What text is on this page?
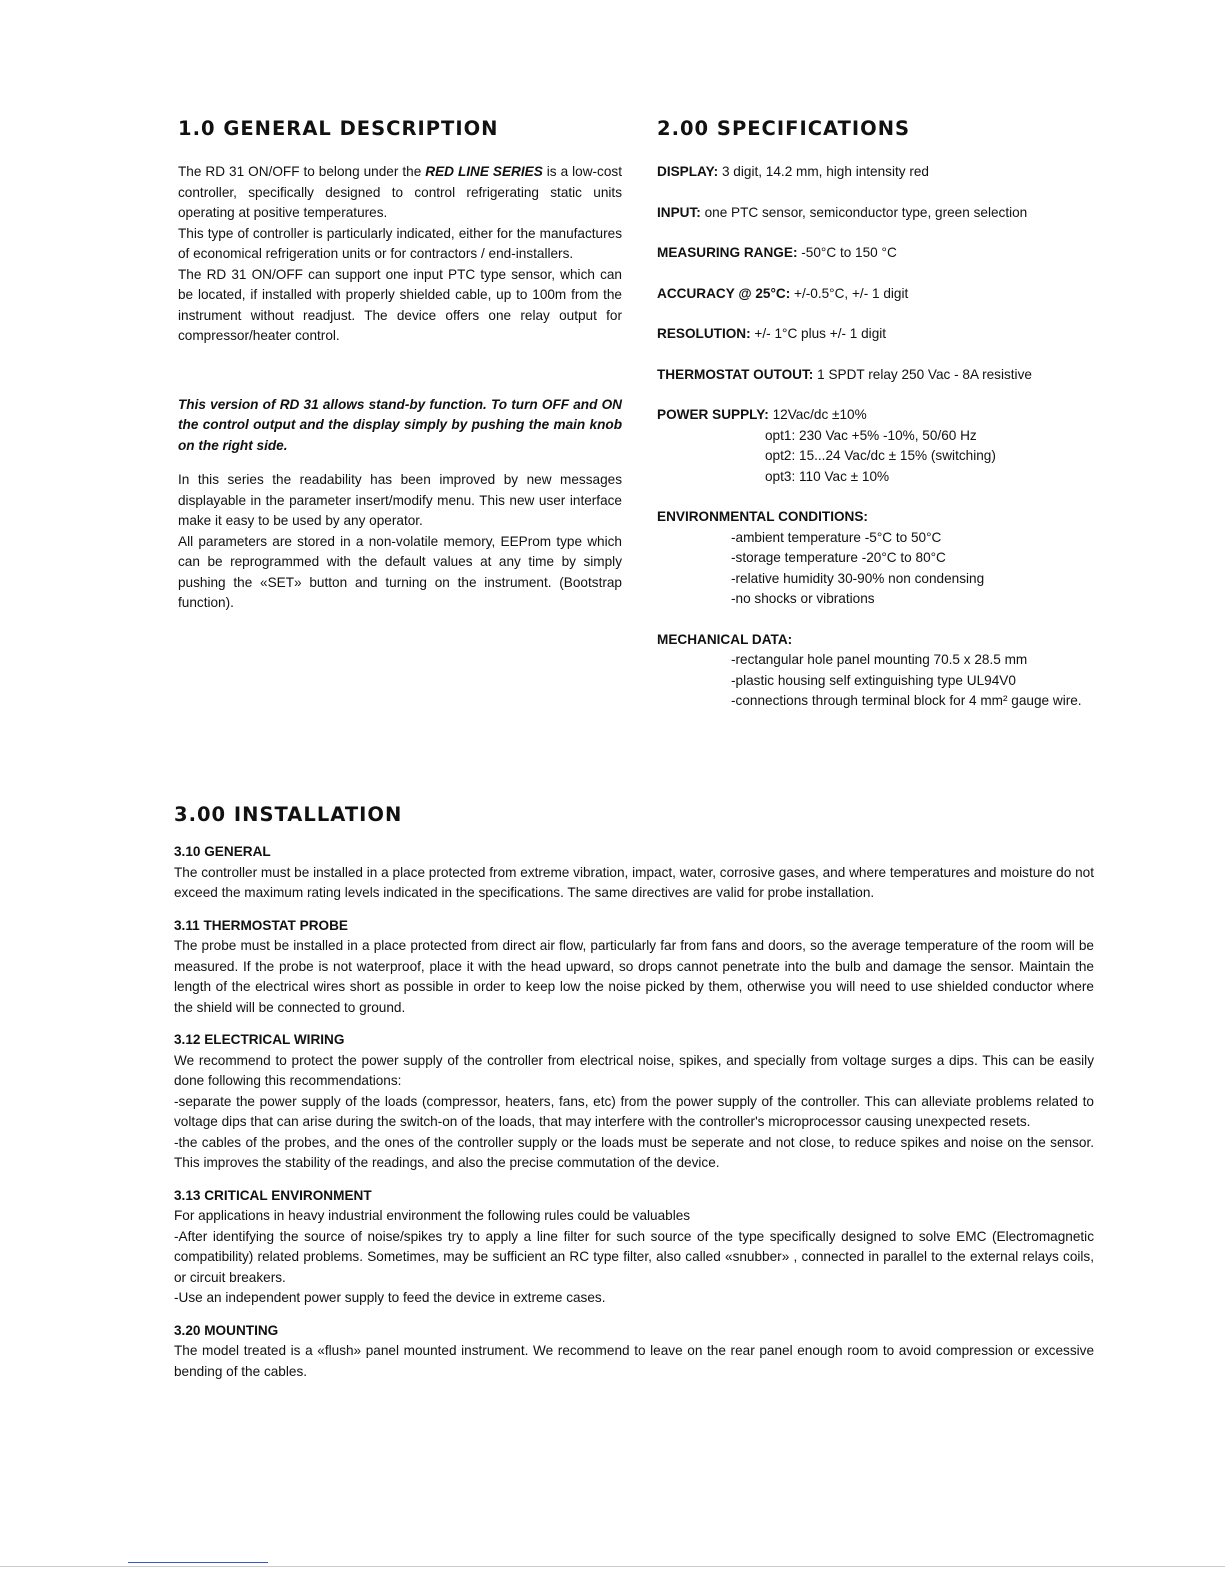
1.0 GENERAL DESCRIPTION

The RD 31 ON/OFF to belong under the RED LINE SERIES is a low-cost controller, specifically designed to control refrigerating static units operating at positive temperatures.

This type of controller is particularly indicated, either for the manufactures of economical refrigeration units or for contractors / end-installers.

The RD 31 ON/OFF can support one input PTC type sensor, which can be located, if installed with properly shielded cable, up to 100m from the instrument without readjust. The device offers one relay output for compressor/heater control.

This version of RD 31 allows stand-by function. To turn OFF and ON the control output and the display simply by pushing the main knob on the right side.

In this series the readability has been improved by new messages displayable in the parameter insert/modify menu. This new user interface make it easy to be used by any operator.

All parameters are stored in a non-volatile memory, EEProm type which can be reprogrammed with the default values at any time by simply pushing the «SET» button and turning on the instrument. (Bootstrap function).

2.00 SPECIFICATIONS
DISPLAY: 3 digit, 14.2 mm, high intensity red
INPUT: one PTC sensor, semiconductor type, green selection
MEASURING RANGE: -50°C to 150 °C
ACCURACY @ 25°C: +/-0.5°C, +/- 1 digit
RESOLUTION: +/- 1°C plus +/- 1 digit
THERMOSTAT OUTOUT: 1 SPDT relay 250 Vac - 8A resistive
POWER SUPPLY: 12Vac/dc ±10%
opt1: 230 Vac +5% -10%, 50/60 Hz
opt2: 15...24 Vac/dc ± 15% (switching)
opt3: 110 Vac ± 10%
ENVIRONMENTAL CONDITIONS:
-ambient temperature -5°C to 50°C
-storage temperature -20°C to 80°C
-relative humidity 30-90% non condensing
-no shocks or vibrations
MECHANICAL DATA:
-rectangular hole panel mounting 70.5 x 28.5 mm
-plastic housing self extinguishing type UL94V0
-connections through terminal block for 4 mm² gauge wire.
3.00 INSTALLATION
3.10 GENERAL

The controller must be installed in a place protected from extreme vibration, impact, water, corrosive gases, and where temperatures and moisture do not exceed the maximum rating levels indicated in the specifications. The same directives are valid for probe installation.

3.11 THERMOSTAT PROBE

The probe must be installed in a place protected from direct air flow, particularly far from fans and doors, so the average temperature of the room will be measured. If the probe is not waterproof, place it with the head upward, so drops cannot penetrate into the bulb and damage the sensor. Maintain the length of the electrical wires short as possible in order to keep low the noise picked by them, otherwise you will need to use shielded conductor where the shield will be connected to ground.

3.12 ELECTRICAL WIRING

We recommend to protect the power supply of the controller from electrical noise, spikes, and specially from voltage surges a dips. This can be easily done following this recommendations:

-separate the power supply of the loads (compressor, heaters, fans, etc) from the power supply of the controller. This can alleviate problems related to voltage dips that can arise during the switch-on of the loads, that may interfere with the controller's microprocessor causing unexpected resets.

-the cables of the probes, and the ones of the controller supply or the loads must be seperate and not close, to reduce spikes and noise on the sensor. This improves the stability of the readings, and also the precise commutation of the device.

3.13 CRITICAL ENVIRONMENT

For applications in heavy industrial environment the following rules could be valuables

-After identifying the source of noise/spikes try to apply a line filter for such source of the type specifically designed to solve EMC (Electromagnetic compatibility) related problems. Sometimes, may be sufficient an RC type filter, also called «snubber» , connected in parallel to the external relays coils, or circuit breakers.

-Use an independent power supply to feed the device in extreme cases.

3.20 MOUNTING

The model treated is a «flush» panel mounted instrument. We recommend to leave on the rear panel enough room to avoid compression or excessive bending of the cables.
